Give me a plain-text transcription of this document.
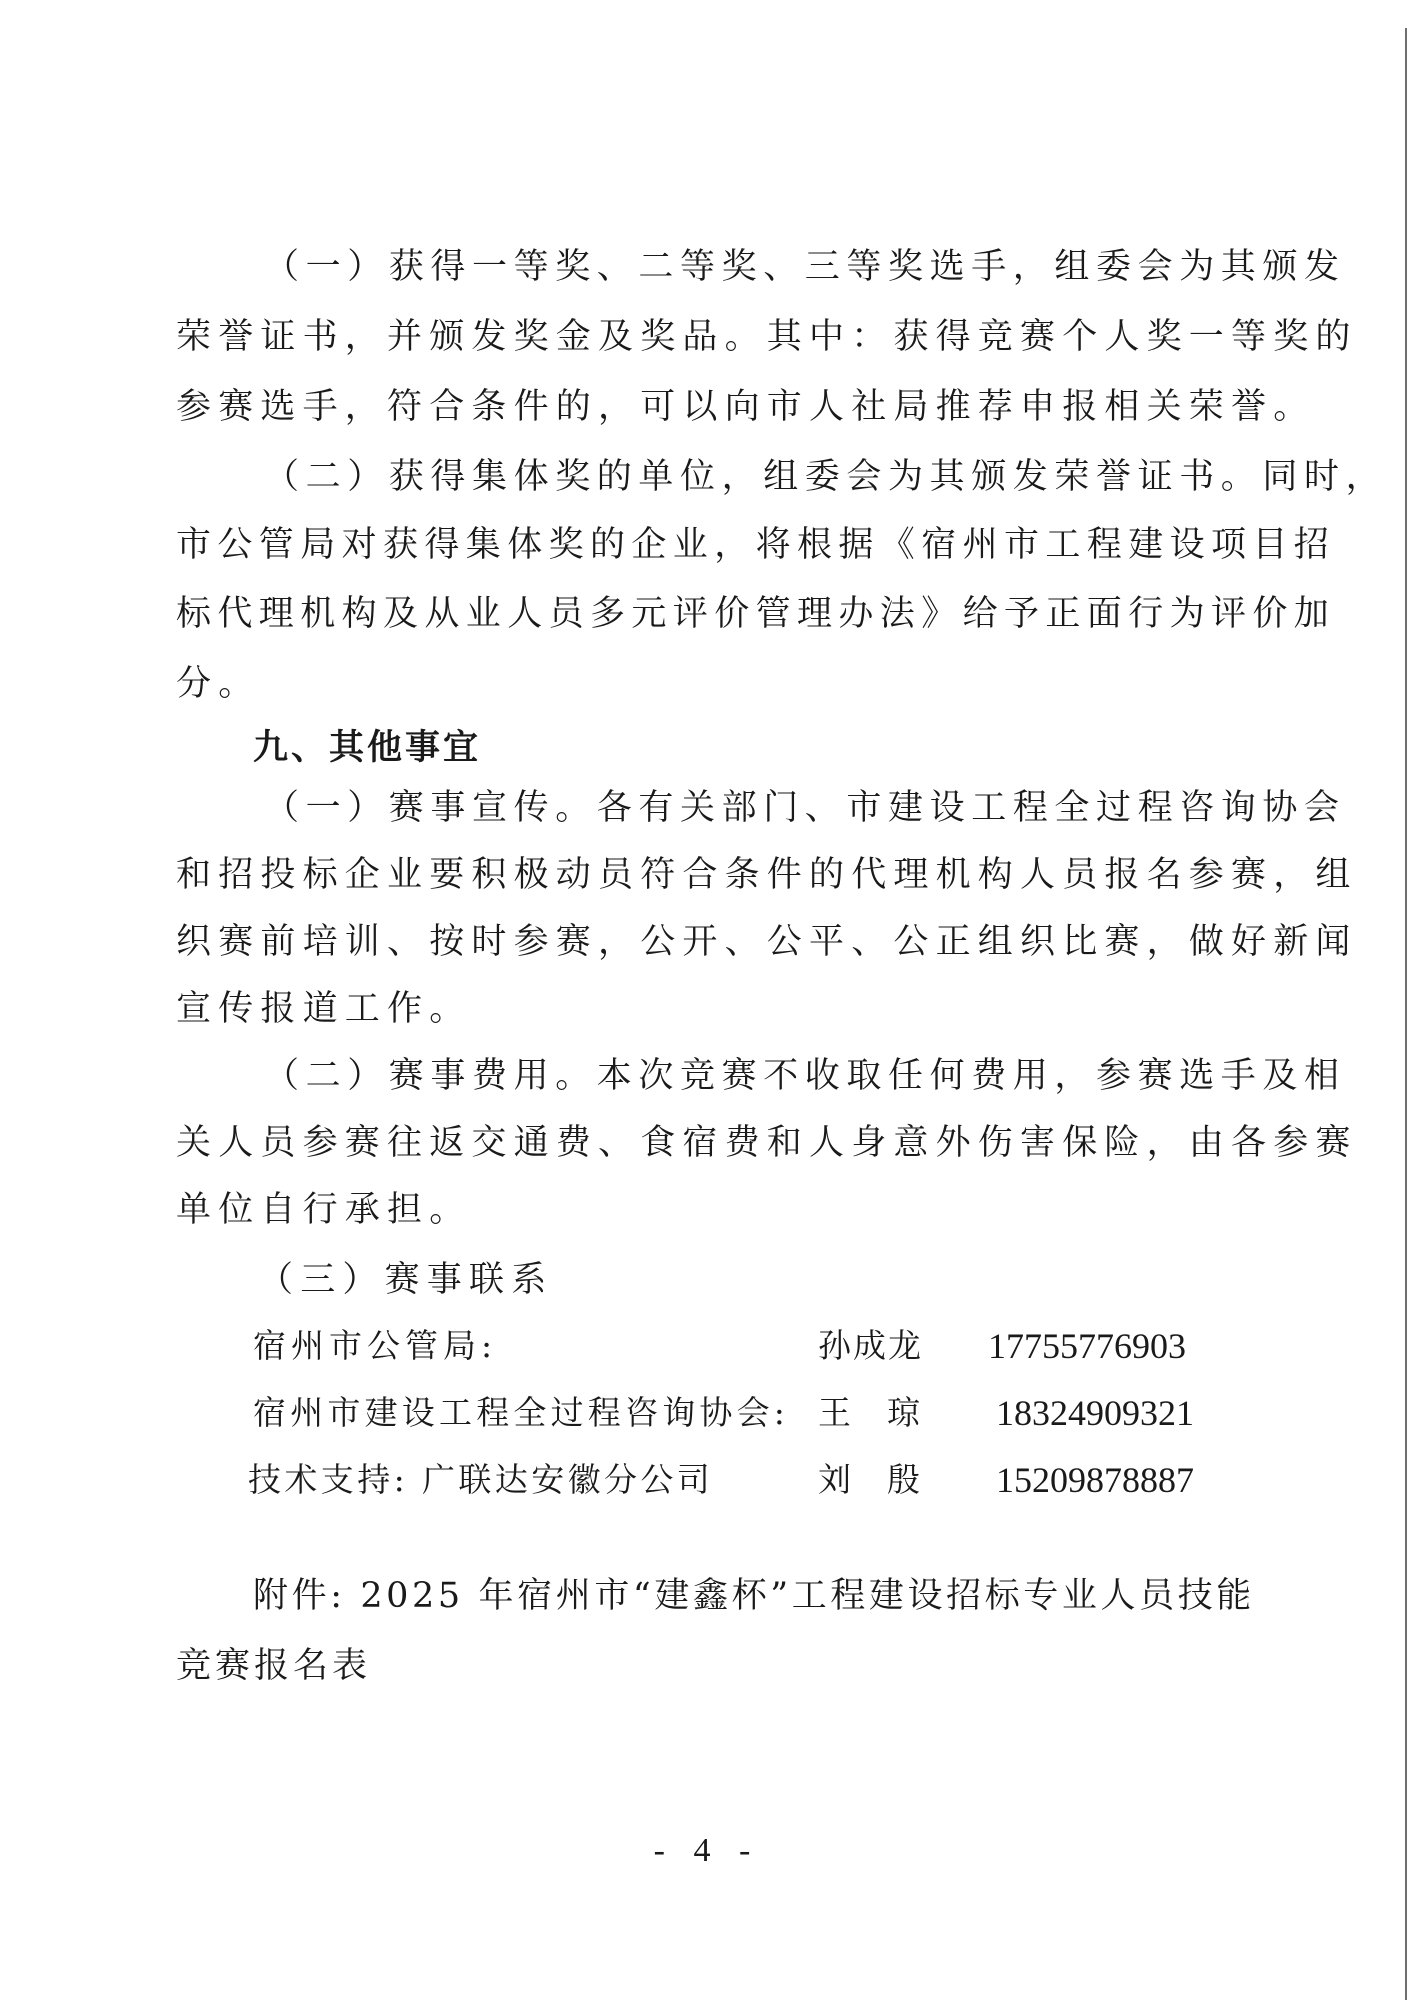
（一）获得一等奖、二等奖、三等奖选手，组委会为其颁发
荣誉证书，并颁发奖金及奖品。其中：获得竞赛个人奖一等奖的
参赛选手，符合条件的，可以向市人社局推荐申报相关荣誉。
（二）获得集体奖的单位，组委会为其颁发荣誉证书。同时，
市公管局对获得集体奖的企业，将根据《宿州市工程建设项目招
标代理机构及从业人员多元评价管理办法》给予正面行为评价加
分。
九、其他事宜
（一）赛事宣传。各有关部门、市建设工程全过程咨询协会
和招投标企业要积极动员符合条件的代理机构人员报名参赛，组
织赛前培训、按时参赛，公开、公平、公正组织比赛，做好新闻
宣传报道工作。
（二）赛事费用。本次竞赛不收取任何费用，参赛选手及相
关人员参赛往返交通费、食宿费和人身意外伤害保险，由各参赛
单位自行承担。
（三）赛事联系
宿州市公管局:	孙成龙 17755776903
宿州市建设工程全过程咨询协会: 王 琼 18324909321
技术支持: 广联达安徽分公司	刘 殷 15209878887
附件: 2025 年宿州市“建鑫杯”工程建设招标专业人员技能
竞赛报名表
- 4 -
